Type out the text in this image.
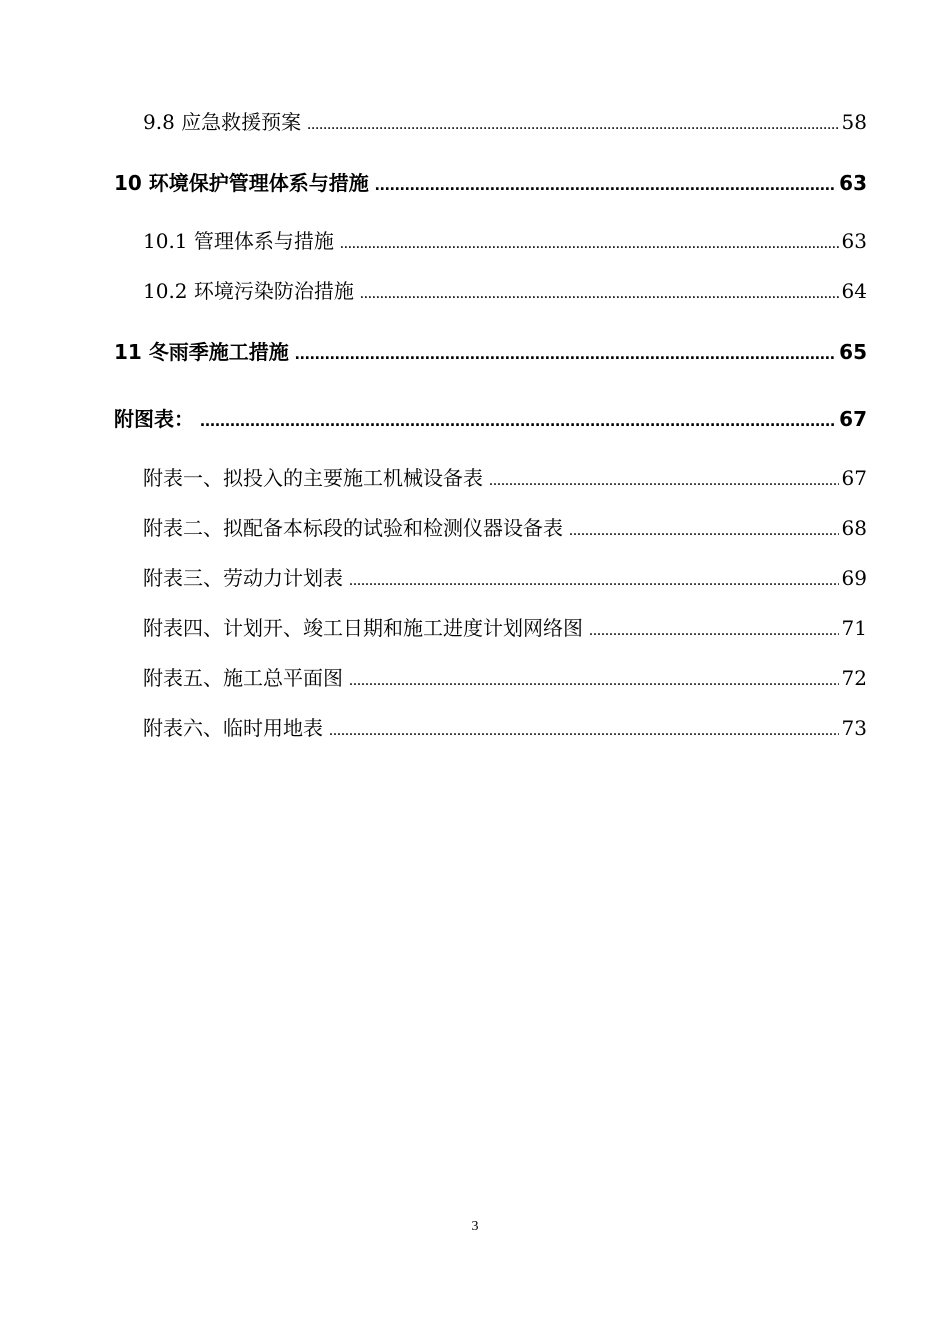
9.8 应急救援预案 .....	58
10 环境保护管理体系与措施 .....	63
10.1 管理体系与措施 .....	63
10.2 环境污染防治措施 .....	64
11 冬雨季施工措施 .....	65
附图表： .....	67
附表一、拟投入的主要施工机械设备表 .....	67
附表二、拟配备本标段的试验和检测仪器设备表 .....	68
附表三、劳动力计划表 .....	69
附表四、计划开、竣工日期和施工进度计划网络图 .....	71
附表五、施工总平面图 .....	72
附表六、临时用地表 .....	73
3
